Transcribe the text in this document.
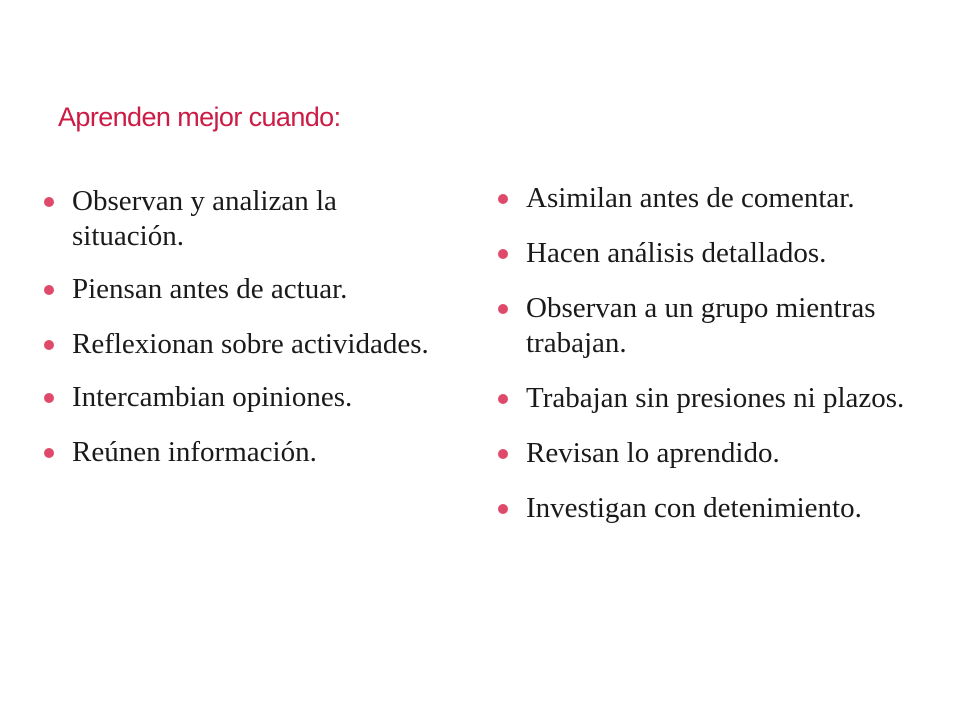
Aprenden mejor cuando:
Observan y analizan la situación.
Piensan antes de actuar.
Reflexionan sobre actividades.
Intercambian opiniones.
Reúnen información.
Asimilan antes de comentar.
Hacen análisis detallados.
Observan a un grupo mientras trabajan.
Trabajan sin presiones ni plazos.
Revisan lo aprendido.
Investigan con detenimiento.
